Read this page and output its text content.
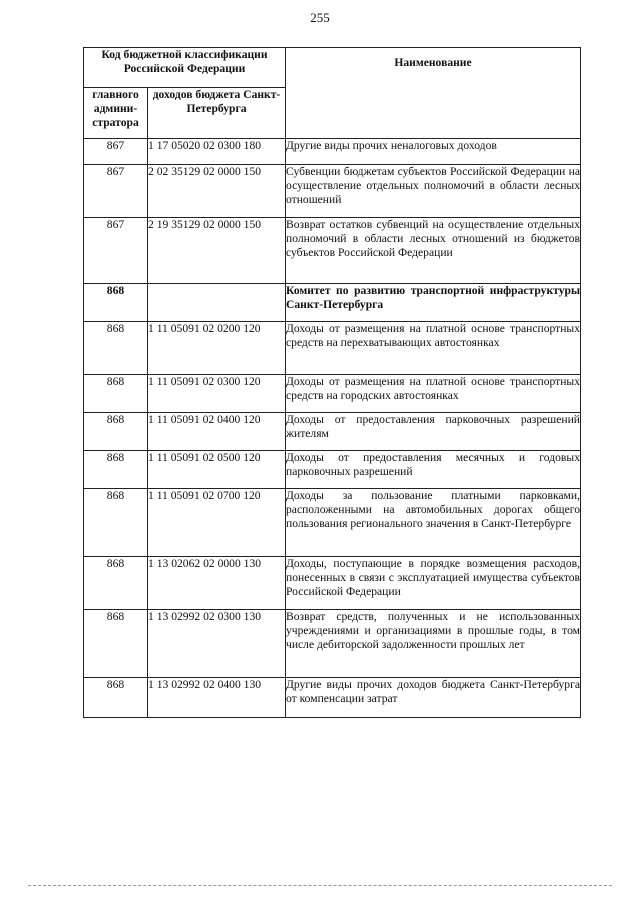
255
Код бюджетной классификации Российской Федерации		Наименование
главного админи-стратора	доходов бюджета Санкт-Петербурга	
867	1 17 05020 02 0300 180	Другие виды прочих неналоговых доходов
867	2 02 35129 02 0000 150	Субвенции бюджетам субъектов Российской Федерации на осуществление отдельных полномочий в области лесных отношений
867	2 19 35129 02 0000 150	Возврат остатков субвенций на осуществление отдельных полномочий в области лесных отношений из бюджетов субъектов Российской Федерации
868		Комитет по развитию транспортной инфраструктуры Санкт-Петербурга
868	1 11 05091 02 0200 120	Доходы от размещения на платной основе транспортных средств на перехватывающих автостоянках
868	1 11 05091 02 0300 120	Доходы от размещения на платной основе транспортных средств на городских автостоянках
868	1 11 05091 02 0400 120	Доходы от предоставления парковочных разрешений жителям
868	1 11 05091 02 0500 120	Доходы от предоставления месячных и годовых парковочных разрешений
868	1 11 05091 02 0700 120	Доходы за пользование платными парковками, расположенными на автомобильных дорогах общего пользования регионального значения в Санкт-Петербурге
868	1 13 02062 02 0000 130	Доходы, поступающие в порядке возмещения расходов, понесенных в связи с эксплуатацией имущества субъектов Российской Федерации
868	1 13 02992 02 0300 130	Возврат средств, полученных и не использованных учреждениями и организациями в прошлые годы, в том числе дебиторской задолженности прошлых лет
868	1 13 02992 02 0400 130	Другие виды прочих доходов бюджета Санкт-Петербурга от компенсации затрат
